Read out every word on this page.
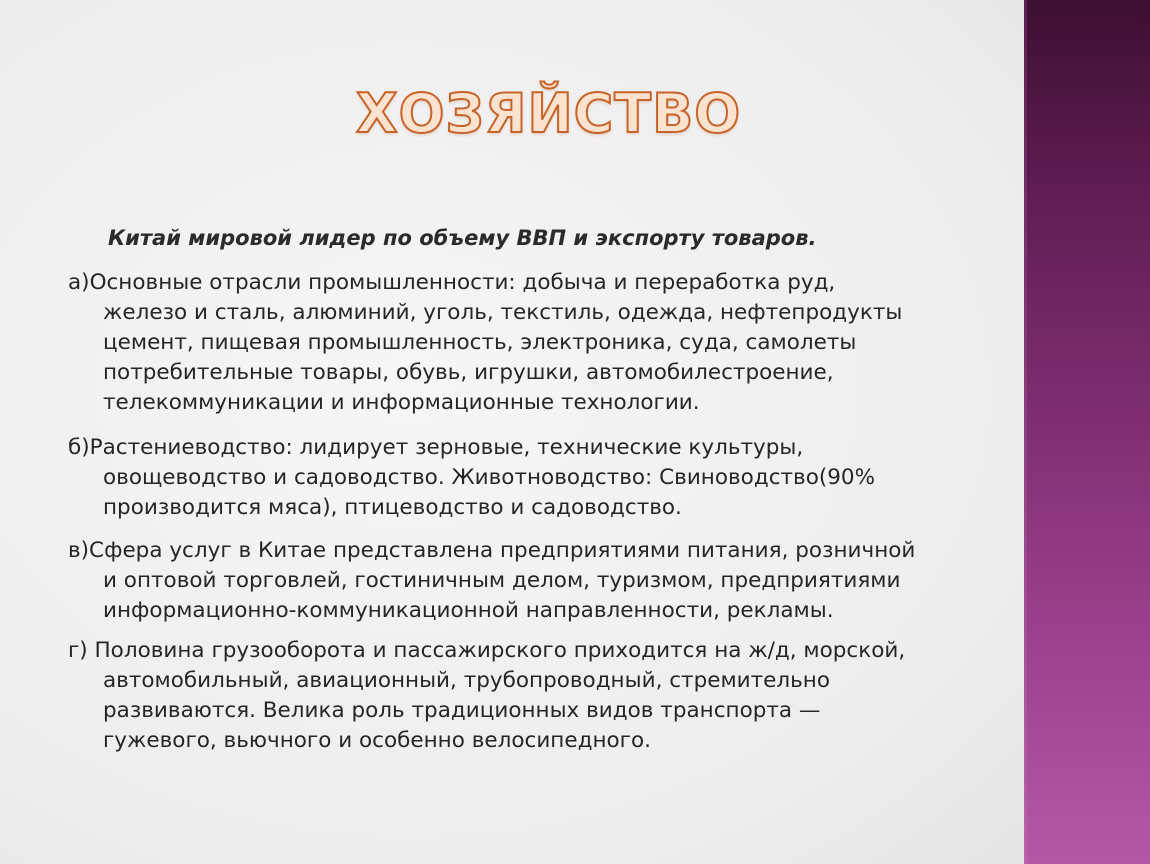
ХОЗЯЙСТВО
Китай мировой лидер по объему ВВП и экспорту товаров.
а)Основные отрасли промышленности: добыча и переработка руд,
железо и сталь, алюминий, уголь, текстиль, одежда, нефтепродукты
цемент, пищевая промышленность, электроника, суда, самолеты
потребительные товары, обувь, игрушки, автомобилестроение,
телекоммуникации и информационные технологии.
б)Растениеводство: лидирует зерновые, технические культуры,
овощеводство и садоводство. Животноводство: Свиноводство(90%
производится мяса), птицеводство и садоводство.
в)Сфера услуг в Китае представлена предприятиями питания, розничной
и оптовой торговлей, гостиничным делом, туризмом, предприятиями
информационно-коммуникационной направленности, рекламы.
г) Половина грузооборота и пассажирского приходится на ж/д, морской,
автомобильный, авиационный, трубопроводный, стремительно
развиваются. Велика роль традиционных видов транспорта —
гужевого, вьючного и особенно велосипедного.
